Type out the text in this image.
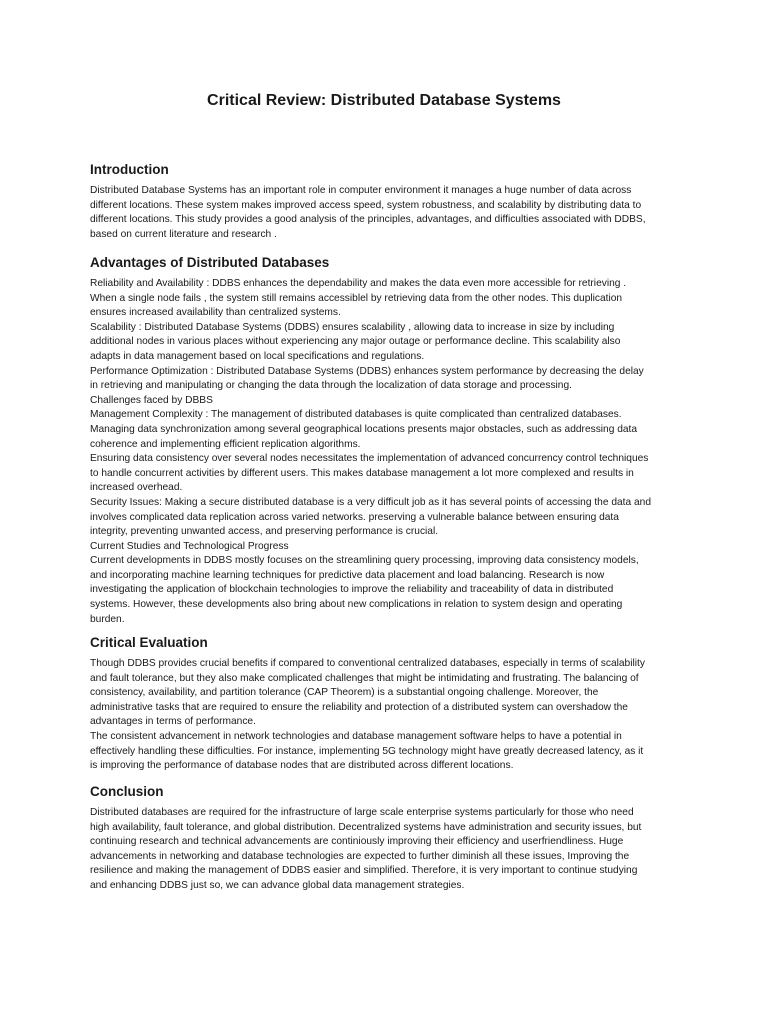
Critical Review: Distributed Database Systems
Introduction

Distributed Database Systems has an important role in computer environment it manages a huge number of data across

different locations. These system makes improved access speed, system robustness, and scalability by distributing data to

different locations. This study provides a good analysis of the principles, advantages, and difficulties associated with DDBS,

based on current literature and research .

Advantages of Distributed Databases

Reliability and Availability : DDBS enhances the dependability and makes the data even more accessible for retrieving .

When a single node fails , the system still remains accessiblel by retrieving data from the other nodes. This duplication

ensures increased availability than centralized systems.

Scalability : Distributed Database Systems (DDBS) ensures scalability , allowing data to increase in size by including

additional nodes in various places without experiencing any major outage or performance decline. This scalability also

adapts in data management based on local specifications and regulations.

Performance Optimization : Distributed Database Systems (DDBS) enhances system performance by decreasing the delay

in retrieving and manipulating or changing the data through the localization of data storage and processing.

Challenges faced by DBBS

Management Complexity : The management of distributed databases is quite complicated than centralized databases.

Managing data synchronization among several geographical locations presents major obstacles, such as addressing data

coherence and implementing efficient replication algorithms.

Ensuring data consistency over several nodes necessitates the implementation of advanced concurrency control techniques

to handle concurrent activities by different users. This makes database management a lot more complexed and results in

increased overhead.

Security Issues: Making a secure distributed database is a very difficult job as it has several points of accessing the data and

involves complicated data replication across varied networks. preserving a vulnerable balance between ensuring data

integrity, preventing unwanted access, and preserving performance is crucial.

Current Studies and Technological Progress

Current developments in DDBS mostly focuses on the streamlining query processing, improving data consistency models,

and incorporating machine learning techniques for predictive data placement and load balancing. Research is now

investigating the application of blockchain technologies to improve the reliability and traceability of data in distributed

systems. However, these developments also bring about new complications in relation to system design and operating

burden.

Critical Evaluation

Though DDBS provides crucial benefits if compared to conventional centralized databases, especially in terms of scalability

and fault tolerance, but they also make complicated challenges that might be intimidating and frustrating. The balancing of

consistency, availability, and partition tolerance (CAP Theorem) is a substantial ongoing challenge. Moreover, the

administrative tasks that are required to ensure the reliability and protection of a distributed system can overshadow the

advantages in terms of performance.

The consistent advancement in network technologies and database management software helps to have a potential in

effectively handling these difficulties. For instance, implementing 5G technology might have greatly decreased latency, as it

is improving the performance of database nodes that are distributed across different locations.

Conclusion

Distributed databases are required for the infrastructure of large scale enterprise systems particularly for those who need

high availability, fault tolerance, and global distribution. Decentralized systems have administration and security issues, but

continuing research and technical advancements are continiously improving their efficiency and userfriendliness. Huge

advancements in networking and database technologies are expected to further diminish all these issues, Improving the

resilience and making the management of DDBS easier and simplified. Therefore, it is very important to continue studying

and enhancing DDBS just so, we can advance global data management strategies.
